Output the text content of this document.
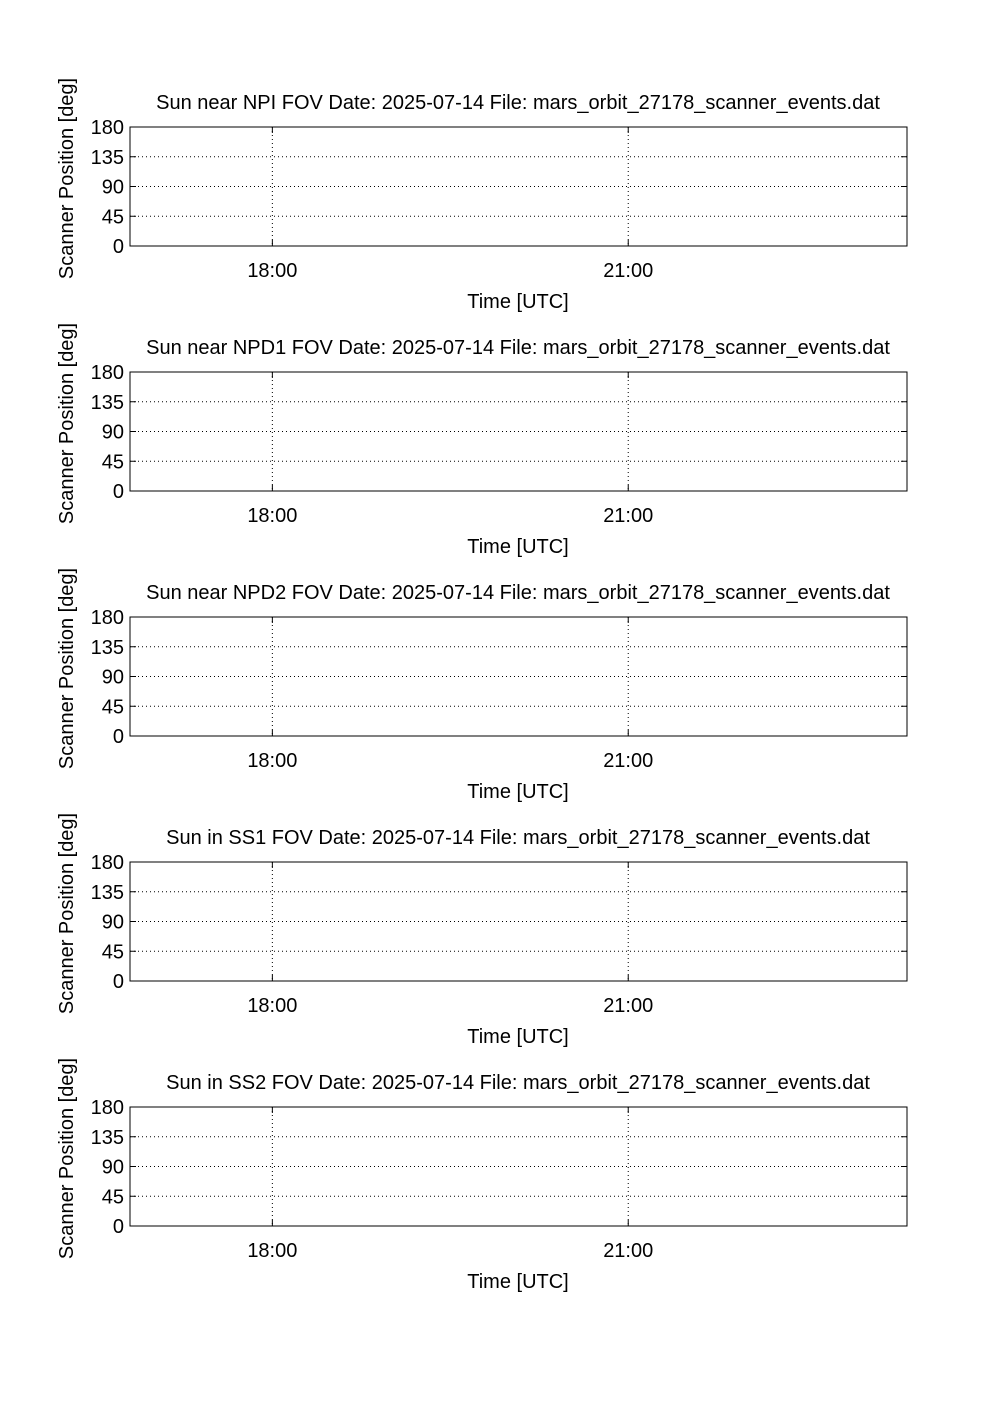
Sun near NPI FOV Date: 2025-07-14 File: mars_orbit_27178_scanner_events.dat
0
45
90
135
180
18:00	21:00
Time [UTC]
Scanner Position [deg]
Sun near NPD1 FOV Date: 2025-07-14 File: mars_orbit_27178_scanner_events.dat
0
45
90
135
180
18:00	21:00
Time [UTC]
Scanner Position [deg]
Sun near NPD2 FOV Date: 2025-07-14 File: mars_orbit_27178_scanner_events.dat
0
45
90
135
180
18:00	21:00
Time [UTC]
Scanner Position [deg]
Sun in SS1 FOV Date: 2025-07-14 File: mars_orbit_27178_scanner_events.dat
0
45
90
135
180
18:00	21:00
Time [UTC]
Scanner Position [deg]
Sun in SS2 FOV Date: 2025-07-14 File: mars_orbit_27178_scanner_events.dat
0
45
90
135
180
18:00	21:00
Time [UTC]
Scanner Position [deg]
